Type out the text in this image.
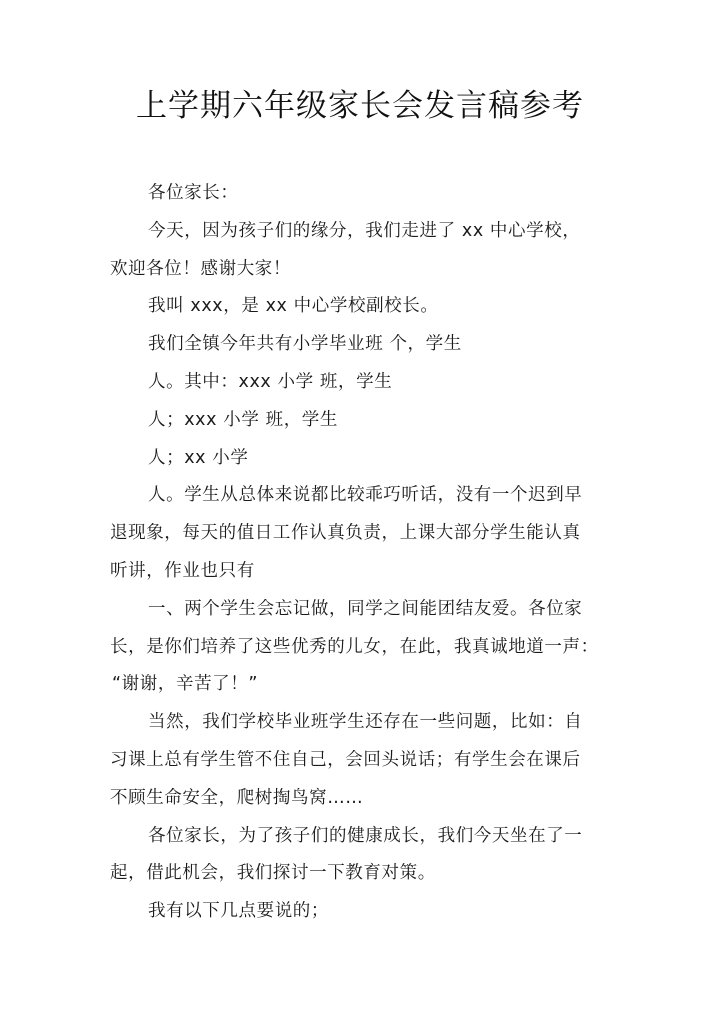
上学期六年级家长会发言稿参考
各位家长：
今天，因为孩子们的缘分，我们走进了 xx 中心学校，
欢迎各位！感谢大家！
我叫 xxx，是 xx 中心学校副校长。
我们全镇今年共有小学毕业班 个，学生
人。其中：xxx 小学 班，学生
人；xxx 小学 班，学生
人；xx 小学
人。学生从总体来说都比较乖巧听话，没有一个迟到早
退现象，每天的值日工作认真负责，上课大部分学生能认真
听讲，作业也只有
一、两个学生会忘记做，同学之间能团结友爱。各位家
长，是你们培养了这些优秀的儿女，在此，我真诚地道一声：
“谢谢，辛苦了！”
当然，我们学校毕业班学生还存在一些问题，比如：自
习课上总有学生管不住自己，会回头说话；有学生会在课后
不顾生命安全，爬树掏鸟窝……
各位家长，为了孩子们的健康成长，我们今天坐在了一
起，借此机会，我们探讨一下教育对策。
我有以下几点要说的；
